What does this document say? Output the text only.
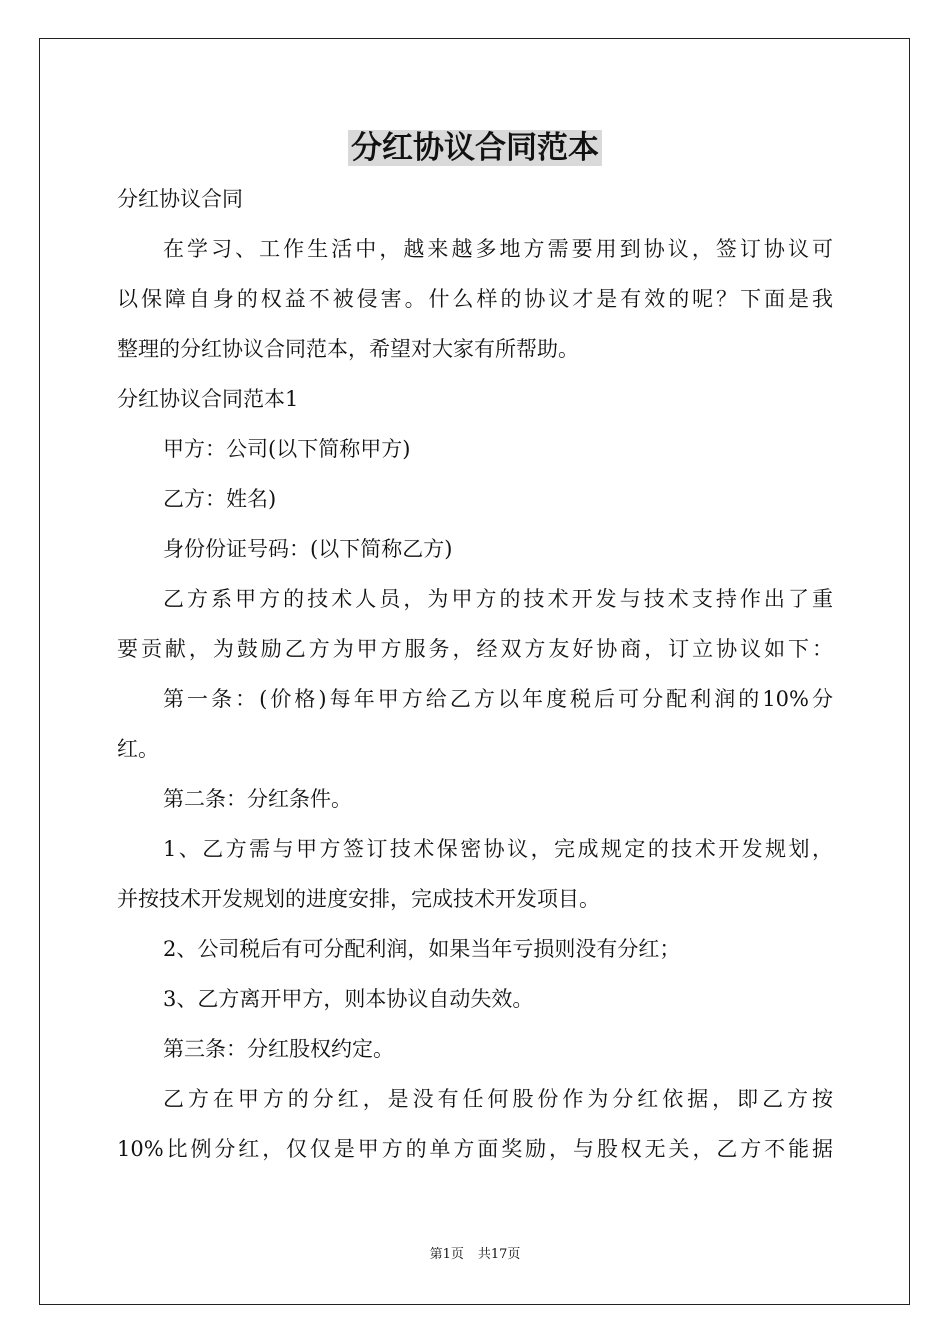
分红协议合同范本
分红协议合同
在学习、工作生活中，越来越多地方需要用到协议，签订协议可
以保障自身的权益不被侵害。什么样的协议才是有效的呢？下面是我
整理的分红协议合同范本，希望对大家有所帮助。
分红协议合同范本1
甲方：公司(以下简称甲方)
乙方：姓名)
身份份证号码：(以下简称乙方)
乙方系甲方的技术人员，为甲方的技术开发与技术支持作出了重
要贡献，为鼓励乙方为甲方服务，经双方友好协商，订立协议如下：
第一条：(价格)每年甲方给乙方以年度税后可分配利润的10%分
红。
第二条：分红条件。
1、乙方需与甲方签订技术保密协议，完成规定的技术开发规划，
并按技术开发规划的进度安排，完成技术开发项目。
2、公司税后有可分配利润，如果当年亏损则没有分红；
3、乙方离开甲方，则本协议自动失效。
第三条：分红股权约定。
乙方在甲方的分红，是没有任何股份作为分红依据，即乙方按
10%比例分红，仅仅是甲方的单方面奖励，与股权无关，乙方不能据
第1页 共17页
